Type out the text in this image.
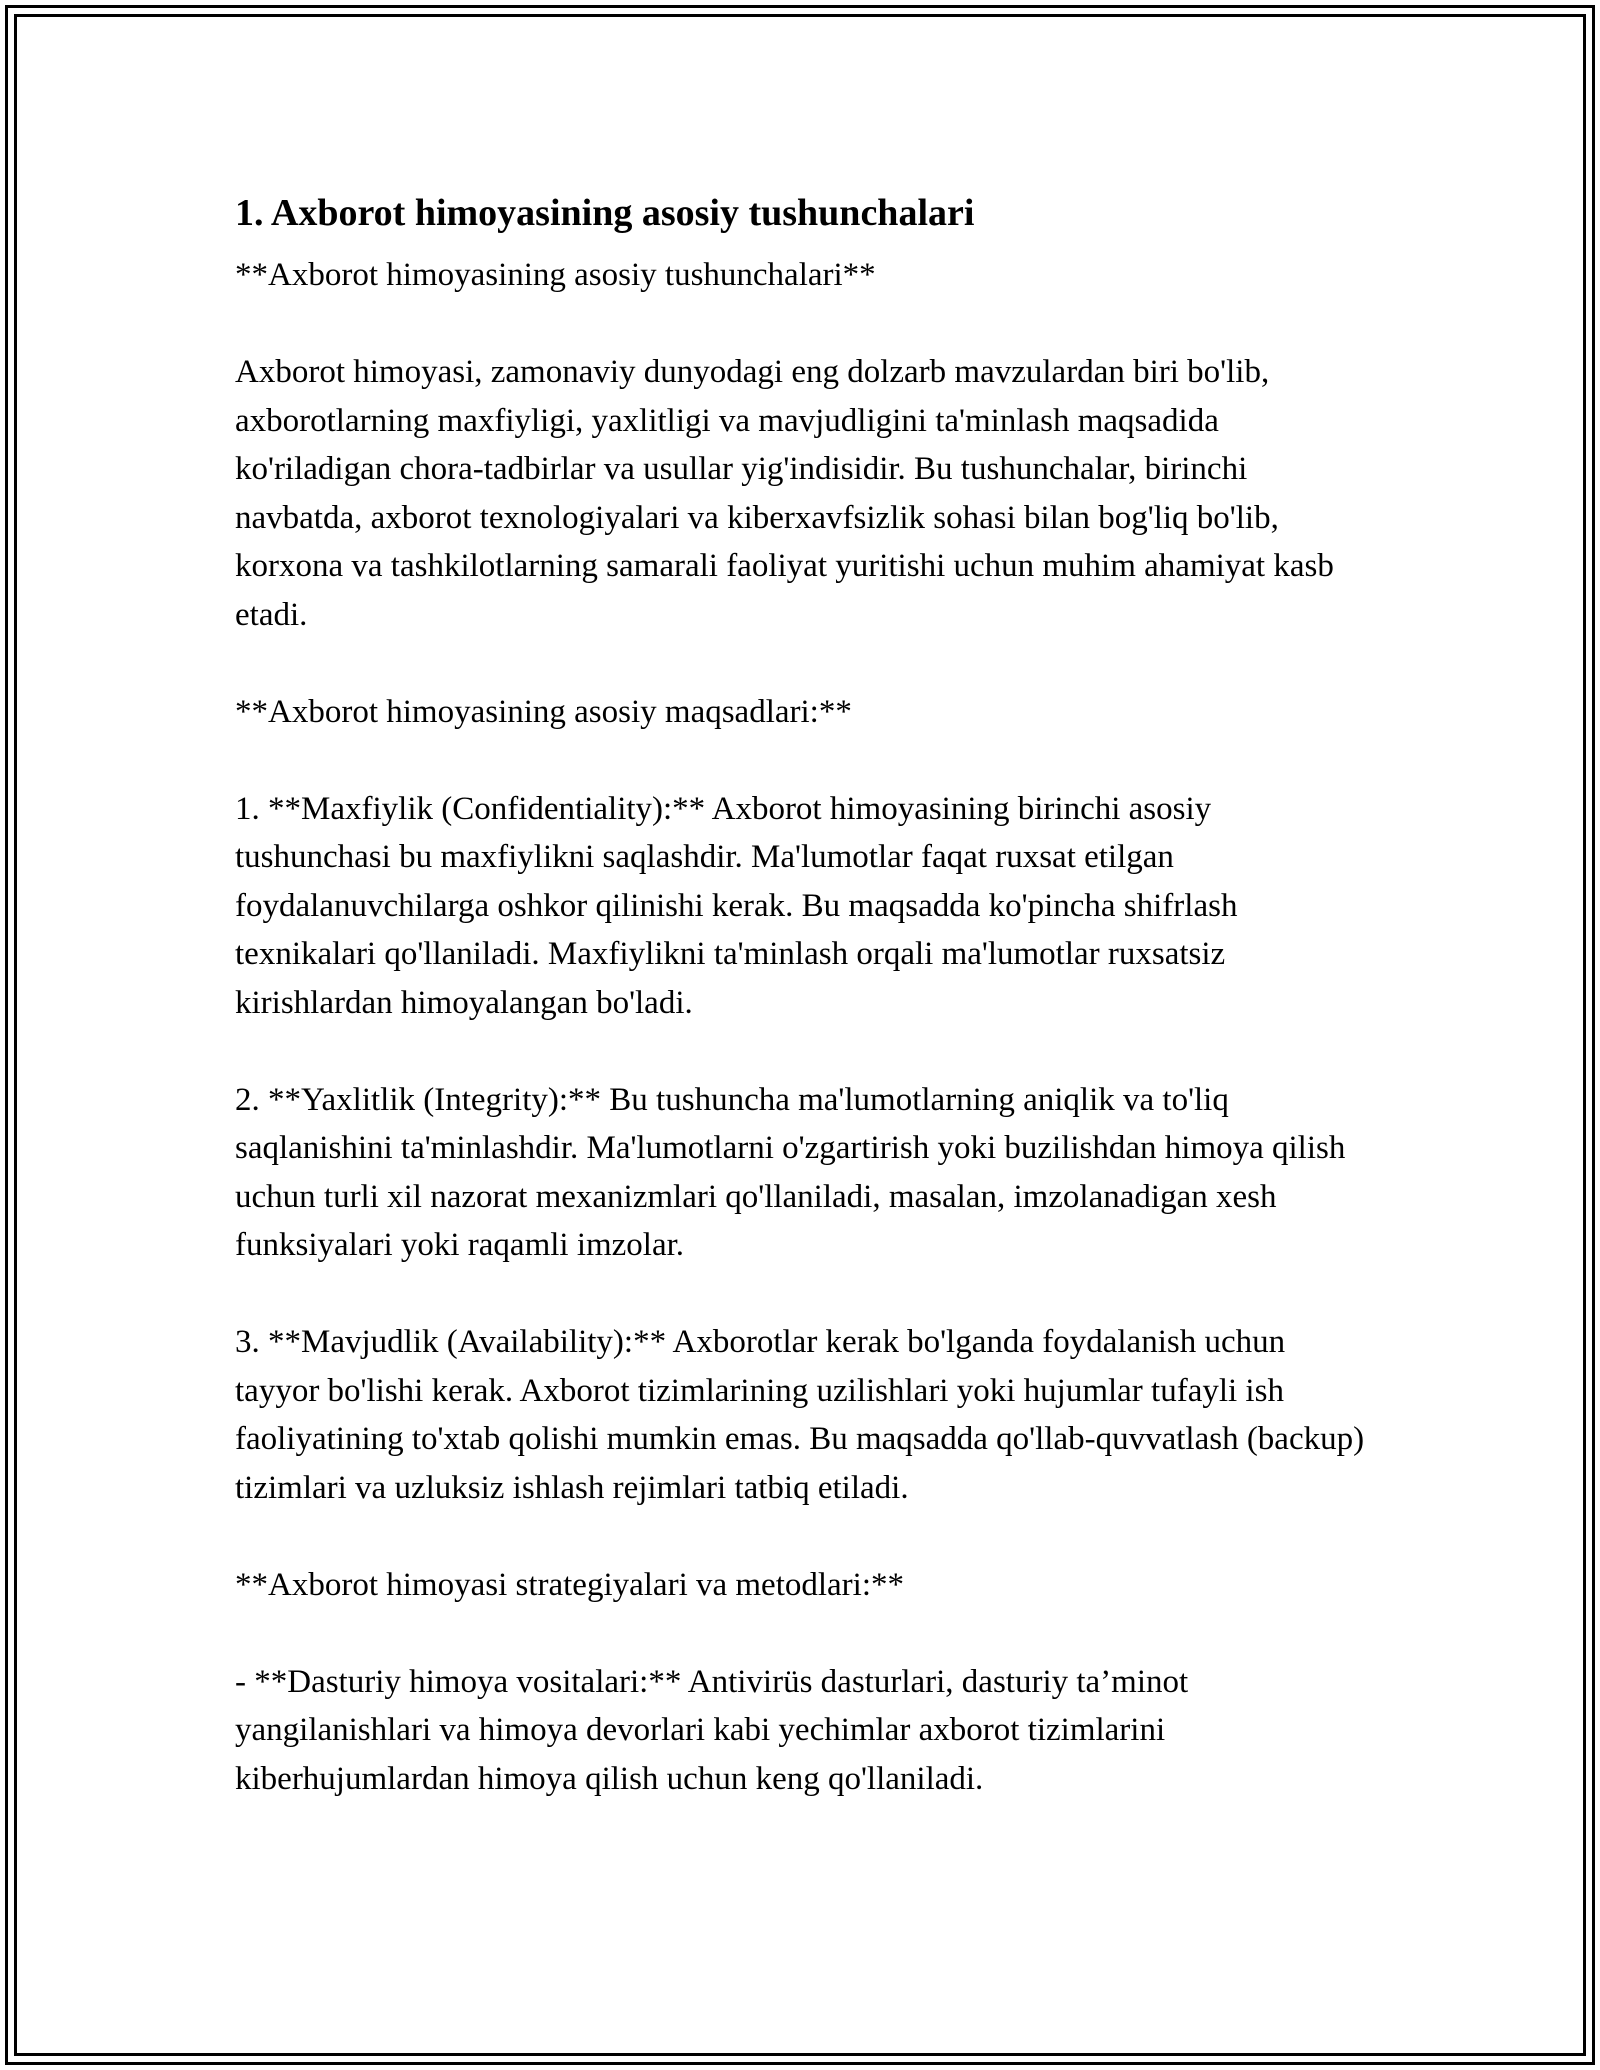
1. Axborot himoyasining asosiy tushunchalari

**Axborot himoyasining asosiy tushunchalari**

Axborot himoyasi, zamonaviy dunyodagi eng dolzarb mavzulardan biri bo'lib, axborotlarning maxfiyligi, yaxlitligi va mavjudligini ta'minlash maqsadida ko'riladigan chora-tadbirlar va usullar yig'indisidir. Bu tushunchalar, birinchi navbatda, axborot texnologiyalari va kiberxavfsizlik sohasi bilan bog'liq bo'lib, korxona va tashkilotlarning samarali faoliyat yuritishi uchun muhim ahamiyat kasb etadi.

**Axborot himoyasining asosiy maqsadlari:**

1. **Maxfiylik (Confidentiality):** Axborot himoyasining birinchi asosiy tushunchasi bu maxfiylikni saqlashdir. Ma'lumotlar faqat ruxsat etilgan foydalanuvchilarga oshkor qilinishi kerak. Bu maqsadda ko'pincha shifrlash texnikalari qo'llaniladi. Maxfiylikni ta'minlash orqali ma'lumotlar ruxsatsiz kirishlardan himoyalangan bo'ladi.

2. **Yaxlitlik (Integrity):** Bu tushuncha ma'lumotlarning aniqlik va to'liq saqlanishini ta'minlashdir. Ma'lumotlarni o'zgartirish yoki buzilishdan himoya qilish uchun turli xil nazorat mexanizmlari qo'llaniladi, masalan, imzolanadigan xesh funksiyalari yoki raqamli imzolar.

3. **Mavjudlik (Availability):** Axborotlar kerak bo'lganda foydalanish uchun tayyor bo'lishi kerak. Axborot tizimlarining uzilishlari yoki hujumlar tufayli ish faoliyatining to'xtab qolishi mumkin emas. Bu maqsadda qo'llab-quvvatlash (backup) tizimlari va uzluksiz ishlash rejimlari tatbiq etiladi.

**Axborot himoyasi strategiyalari va metodlari:**

- **Dasturiy himoya vositalari:** Antivirüs dasturlari, dasturiy ta’minot yangilanishlari va himoya devorlari kabi yechimlar axborot tizimlarini kiberhujumlardan himoya qilish uchun keng qo'llaniladi.
